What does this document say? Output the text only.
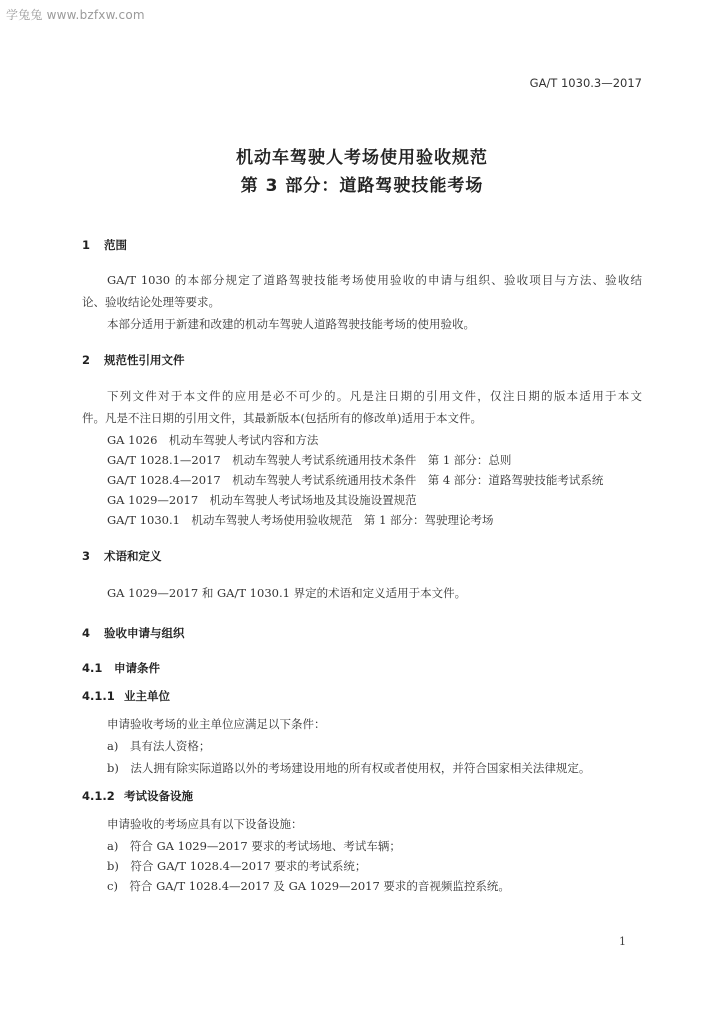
学兔兔 www.bzfxw.com
GA/T 1030.3—2017
机动车驾驶人考场使用验收规范
第 3 部分：道路驾驶技能考场
1 范围
GA/T 1030 的本部分规定了道路驾驶技能考场使用验收的申请与组织、验收项目与方法、验收结
论、验收结论处理等要求。
本部分适用于新建和改建的机动车驾驶人道路驾驶技能考场的使用验收。
2 规范性引用文件
下列文件对于本文件的应用是必不可少的。凡是注日期的引用文件，仅注日期的版本适用于本文
件。凡是不注日期的引用文件，其最新版本(包括所有的修改单)适用于本文件。
GA 1026　机动车驾驶人考试内容和方法
GA/T 1028.1—2017　机动车驾驶人考试系统通用技术条件　第 1 部分：总则
GA/T 1028.4—2017　机动车驾驶人考试系统通用技术条件　第 4 部分：道路驾驶技能考试系统
GA 1029—2017　机动车驾驶人考试场地及其设施设置规范
GA/T 1030.1　机动车驾驶人考场使用验收规范　第 1 部分：驾驶理论考场
3 术语和定义
GA 1029—2017 和 GA/T 1030.1 界定的术语和定义适用于本文件。
4 验收申请与组织
4.1 申请条件
4.1.1 业主单位
申请验收考场的业主单位应满足以下条件：
a)　具有法人资格；
b)　法人拥有除实际道路以外的考场建设用地的所有权或者使用权，并符合国家相关法律规定。
4.1.2 考试设备设施
申请验收的考场应具有以下设备设施：
a)　符合 GA 1029—2017 要求的考试场地、考试车辆；
b)　符合 GA/T 1028.4—2017 要求的考试系统；
c)　符合 GA/T 1028.4—2017 及 GA 1029—2017 要求的音视频监控系统。
1
